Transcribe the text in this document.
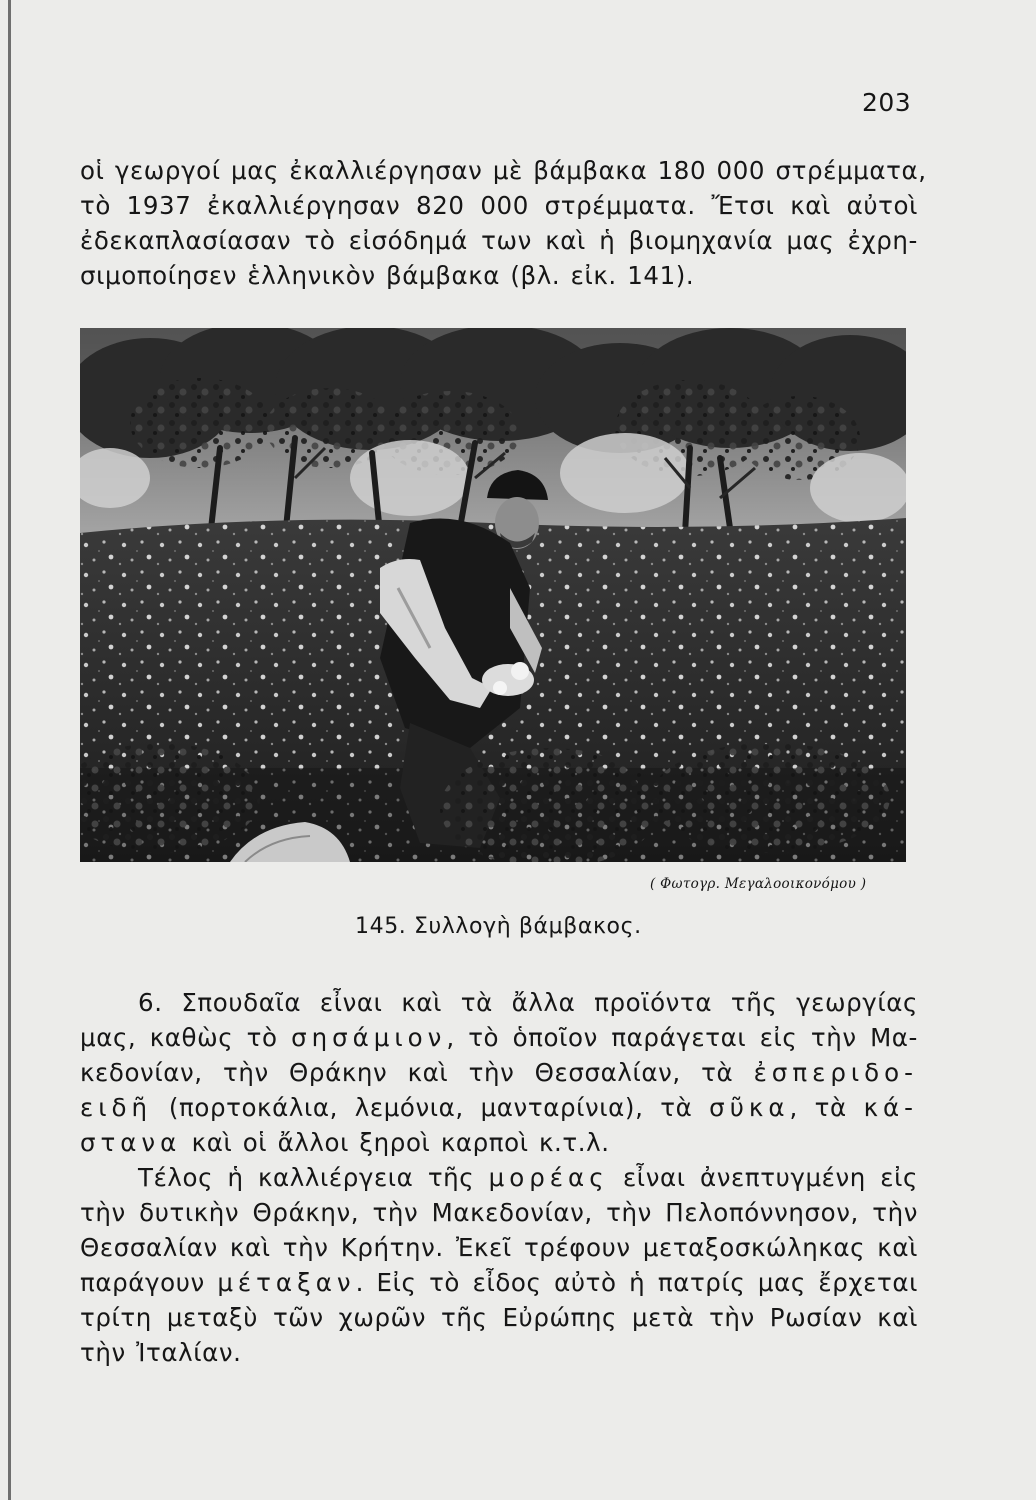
203
οἱ γεωργοί μας ἐκαλλιέργησαν μὲ βάμβακα 180 000 στρέμματα,
τὸ 1937 ἐκαλλιέργησαν 820 000 στρέμματα. Ἔτσι καὶ αὐτοὶ
ἐδεκαπλασίασαν τὸ εἰσόδημά των καὶ ἡ βιομηχανία μας ἐχρη-
σιμοποίησεν ἑλληνικὸν βάμβακα (βλ. εἰκ. 141).
( Φωτογρ. Μεγαλοοικονόμου )
145. Συλλογὴ βάμβακος.
6. Σπουδαῖα εἶναι καὶ τὰ ἄλλα προϊόντα τῆς γεωργίας
μας, καθὼς τὸ σησάμιον, τὸ ὁποῖον παράγεται εἰς τὴν Μα-
κεδονίαν, τὴν Θράκην καὶ τὴν Θεσσαλίαν, τὰ ἐσπεριδο-
ειδῆ (πορτοκάλια, λεμόνια, μανταρίνια), τὰ σῦκα, τὰ κά-
στανα καὶ οἱ ἄλλοι ξηροὶ καρποὶ κ.τ.λ.
Τέλος ἡ καλλιέργεια τῆς μορέας εἶναι ἀνεπτυγμένη εἰς
τὴν δυτικὴν Θράκην, τὴν Μακεδονίαν, τὴν Πελοπόννησον, τὴν
Θεσσαλίαν καὶ τὴν Κρήτην. Ἐκεῖ τρέφουν μεταξοσκώληκας καὶ
παράγουν μέταξαν. Εἰς τὸ εἶδος αὐτὸ ἡ πατρίς μας ἔρχεται
τρίτη μεταξὺ τῶν χωρῶν τῆς Εὐρώπης μετὰ τὴν Ρωσίαν καὶ
τὴν Ἰταλίαν.
